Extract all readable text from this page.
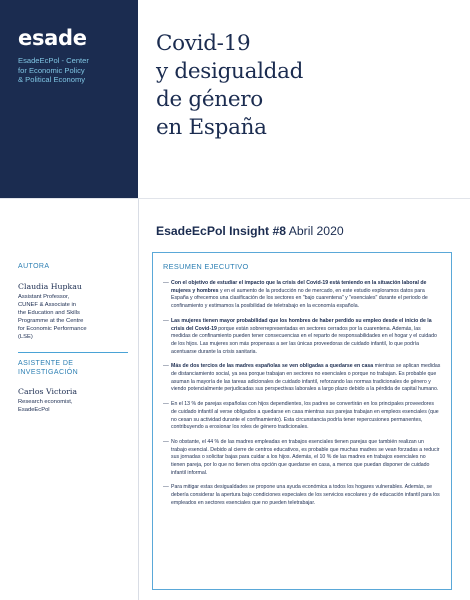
esade
EsadeEcPol - Center
for Economic Policy
& Political Economy
Covid-19
y desigualdad
de género
en España
EsadeEcPol Insight #8 Abril 2020
AUTORA
Claudia Hupkau
Assistant Professor,
CUNEF & Associate in
the Education and Skills
Programme at the Centre
for Economic Performance
(LSE)
ASISTENTE DE
INVESTIGACIÓN
Carlos Victoria
Research economist,
EsadeEcPol
RESUMEN EJECUTIVO
— Con el objetivo de estudiar el impacto que la crisis del Covid-19 está teniendo en la situación laboral de mujeres y hombres y en el aumento de la producción no de mercado, en este estudio exploramos datos para España y ofrecemos una clasificación de los sectores en "bajo cuarentena" y "esenciales" durante el periodo de confinamiento y estimamos la posibilidad de teletrabajo en la economía española.
— Las mujeres tienen mayor probabilidad que los hombres de haber perdido su empleo desde el inicio de la crisis del Covid-19 porque están sobrerrepresentadas en sectores cerrados por la cuarentena. Además, las medidas de confinamiento pueden tener consecuencias en el reparto de responsabilidades en el hogar y el cuidado de los hijos. Las mujeres son más propensas a ser las únicas proveedoras de cuidado infantil, lo que podría acentuarse durante la crisis sanitaria.
— Más de dos tercios de las madres españolas se ven obligadas a quedarse en casa mientras se aplican medidas de distanciamiento social, ya sea porque trabajan en sectores no esenciales o porque no trabajan. Es probable que asuman la mayoría de las tareas adicionales de cuidado infantil, reforzando las normas tradicionales de género y viendo potencialmente perjudicadas sus perspectivas laborales a largo plazo debido a la pérdida de capital humano.
— En el 13 % de parejas españolas con hijos dependientes, los padres se convertirán en los principales proveedores de cuidado infantil al verse obligados a quedarse en casa mientras sus parejas trabajan en empleos esenciales (que no cesan su actividad durante el confinamiento). Esta circunstancia podría tener repercusiones permanentes, contribuyendo a erosionar los roles de género tradicionales.
— No obstante, el 44 % de las madres empleadas en trabajos esenciales tienen parejas que también realizan un trabajo esencial. Debido al cierre de centros educativos, es probable que muchas madres se vean forzadas a reducir sus jornadas o solicitar bajas para cuidar a los hijos. Además, el 10 % de las madres en trabajos esenciales no tienen pareja, por lo que no tienen otra opción que quedarse en casa, a menos que puedan disponer de cuidado infantil informal.
— Para mitigar estas desigualdades se propone una ayuda económica a todos los hogares vulnerables. Además, se debería considerar la apertura bajo condiciones especiales de los servicios escolares y de educación infantil para los empleados en sectores esenciales que no pueden teletrabajar.
